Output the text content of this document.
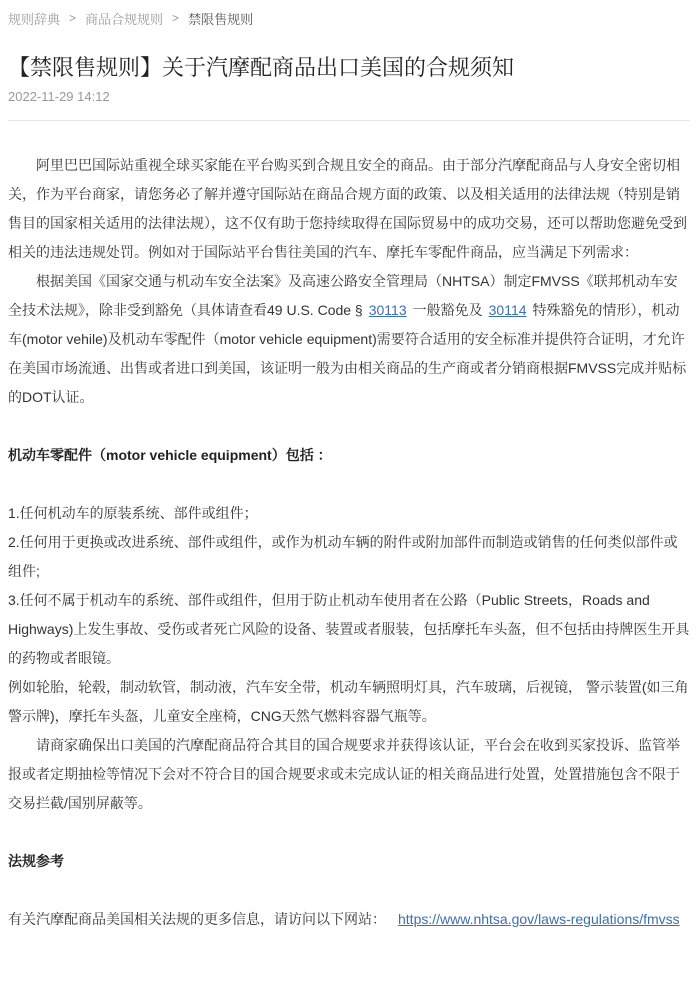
规则辞典 > 商品合规规则 > 禁限售规则
【禁限售规则】关于汽摩配商品出口美国的合规须知
2022-11-29 14:12

阿里巴巴国际站重视全球买家能在平台购买到合规且安全的商品。由于部分汽摩配商品与人身安全密切相关，作为平台商家，请您务必了解并遵守国际站在商品合规方面的政策、以及相关适用的法律法规（特别是销售目的国家相关适用的法律法规），这不仅有助于您持续取得在国际贸易中的成功交易，还可以帮助您避免受到相关的违法违规处罚。例如对于国际站平台售往美国的汽车、摩托车零配件商品，应当满足下列需求：

根据美国《国家交通与机动车安全法案》及高速公路安全管理局（NHTSA）制定FMVSS《联邦机动车安全技术法规》，除非受到豁免（具体请查看49 U.S. Code § 30113 一般豁免及 30114 特殊豁免的情形），机动车(motor vehile)及机动车零配件（motor vehicle equipment)需要符合适用的安全标准并提供符合证明，才允许在美国市场流通、出售或者进口到美国，该证明一般为由相关商品的生产商或者分销商根据FMVSS完成并贴标的DOT认证。

机动车零配件（motor vehicle equipment）包括 ：

1.任何机动车的原装系统、部件或组件；

2.任何用于更换或改进系统、部件或组件，或作为机动车辆的附件或附加部件而制造或销售的任何类似部件或组件;

3.任何不属于机动车的系统、部件或组件，但用于防止机动车使用者在公路（Public Streets，Roads and Highways)上发生事故、受伤或者死亡风险的设备、装置或者服装，包括摩托车头盔，但不包括由持牌医生开具的药物或者眼镜。

例如轮胎，轮毂，制动软管，制动液，汽车安全带，机动车辆照明灯具，汽车玻璃，后视镜， 警示装置(如三角警示牌)，摩托车头盔，儿童安全座椅，CNG天然气燃料容器气瓶等。

请商家确保出口美国的汽摩配商品符合其目的国合规要求并获得该认证，平台会在收到买家投诉、监管举报或者定期抽检等情况下会对不符合目的国合规要求或未完成认证的相关商品进行处置，处置措施包含不限于交易拦截/国别屏蔽等。

法规参考

有关汽摩配商品美国相关法规的更多信息，请访问以下网站： https://www.nhtsa.gov/laws-regulations/fmvss
